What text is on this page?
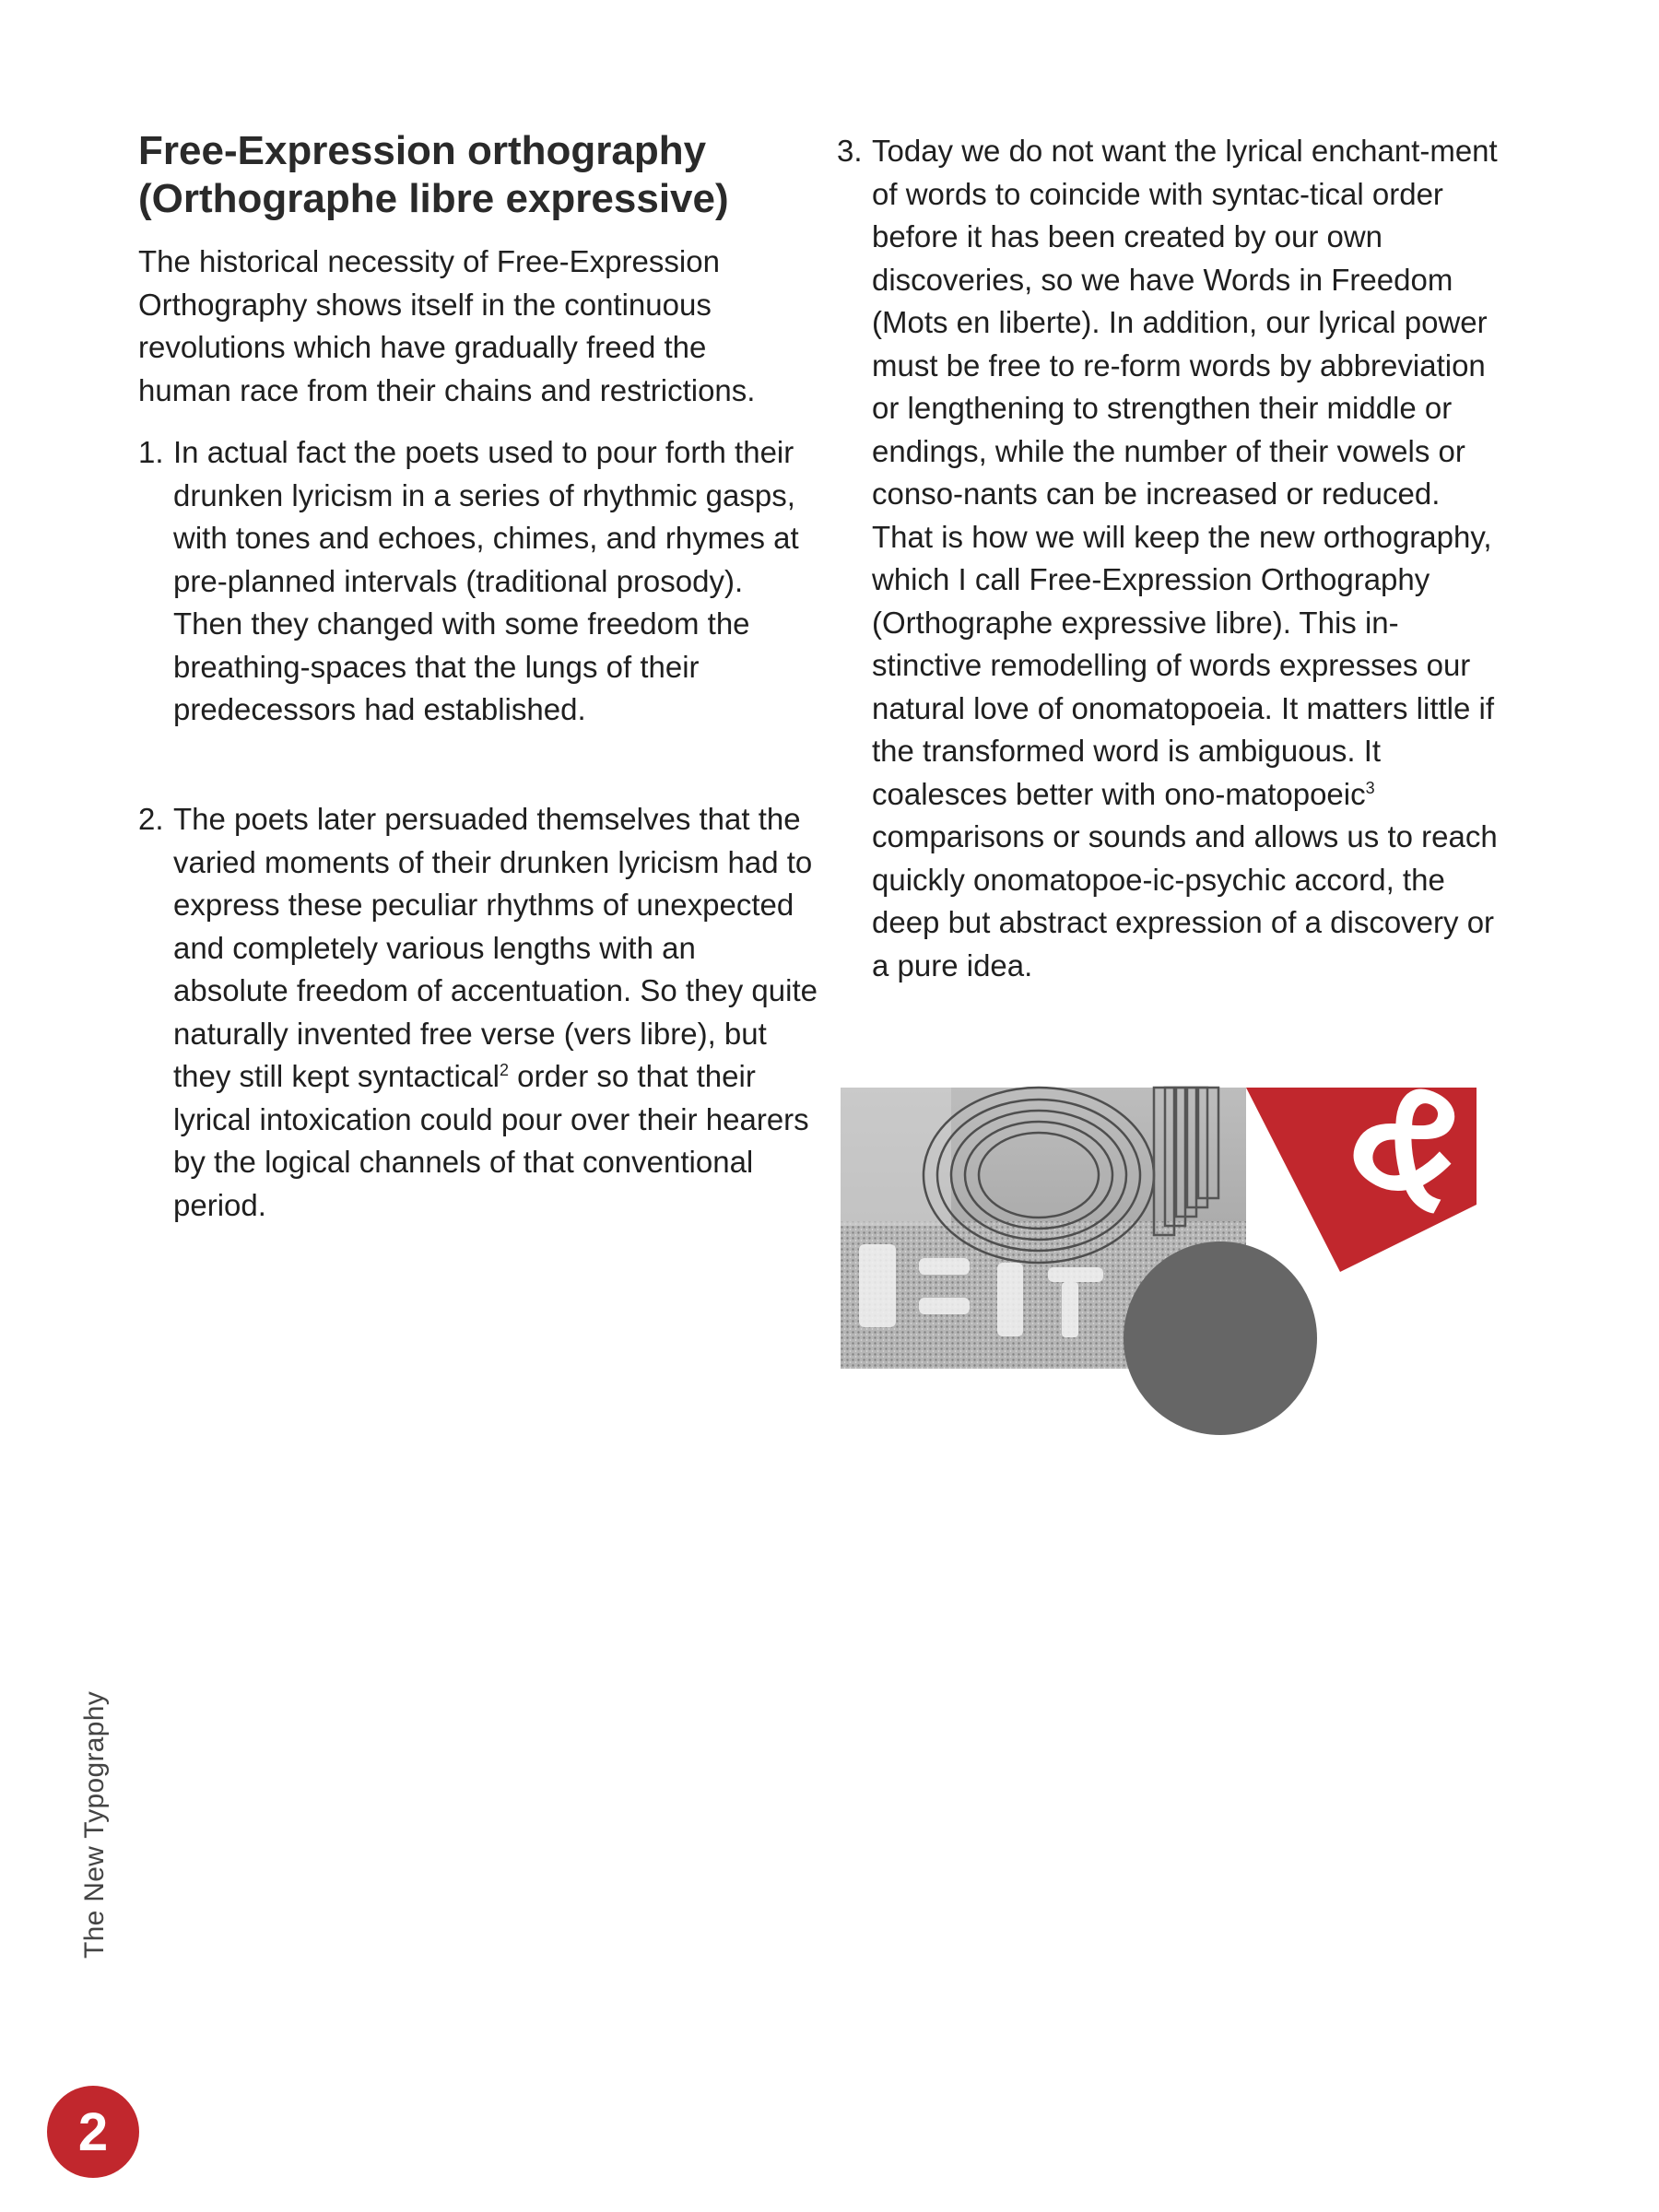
Free-Expression orthography
(Orthographe libre expressive)

The historical necessity of Free-Expression Orthography shows itself in the continuous revolutions which have gradually freed the human race from their chains and restrictions.

1. In actual fact the poets used to pour forth their drunken lyricism in a series of rhythmic gasps, with tones and echoes, chimes, and rhymes at pre-planned intervals (traditional prosody). Then they changed with some freedom the breathing-spaces that the lungs of their predecessors had established.

2. The poets later persuaded themselves that the varied moments of their drunken lyricism had to express these peculiar rhythms of unexpected and completely various lengths with an absolute freedom of accentuation. So they quite naturally invented free verse (vers libre), but they still kept syntactical$^2$ order so that their lyrical intoxication could pour over their hearers by the logical channels of that conventional period.

3. Today we do not want the lyrical enchant-ment of words to coincide with syntac-tical order before it has been created by our own discoveries, so we have Words in Freedom (Mots en liberte). In addition, our lyrical power must be free to re-form words by abbreviation or lengthening to strengthen their middle or endings, while the number of their vowels or conso-nants can be increased or reduced. That is how we will keep the new orthography, which I call Free-Expression Orthography (Orthographe expressive libre). This in-stinctive remodelling of words expresses our natural love of onomatopoeia. It matters little if the transformed word is ambiguous. It coalesces better with ono-matopoeic$^3$ comparisons or sounds and allows us to reach quickly onomatopoe-ic-psychic accord, the deep but abstract expression of a discovery or a pure idea.

&
The New Typography
2
